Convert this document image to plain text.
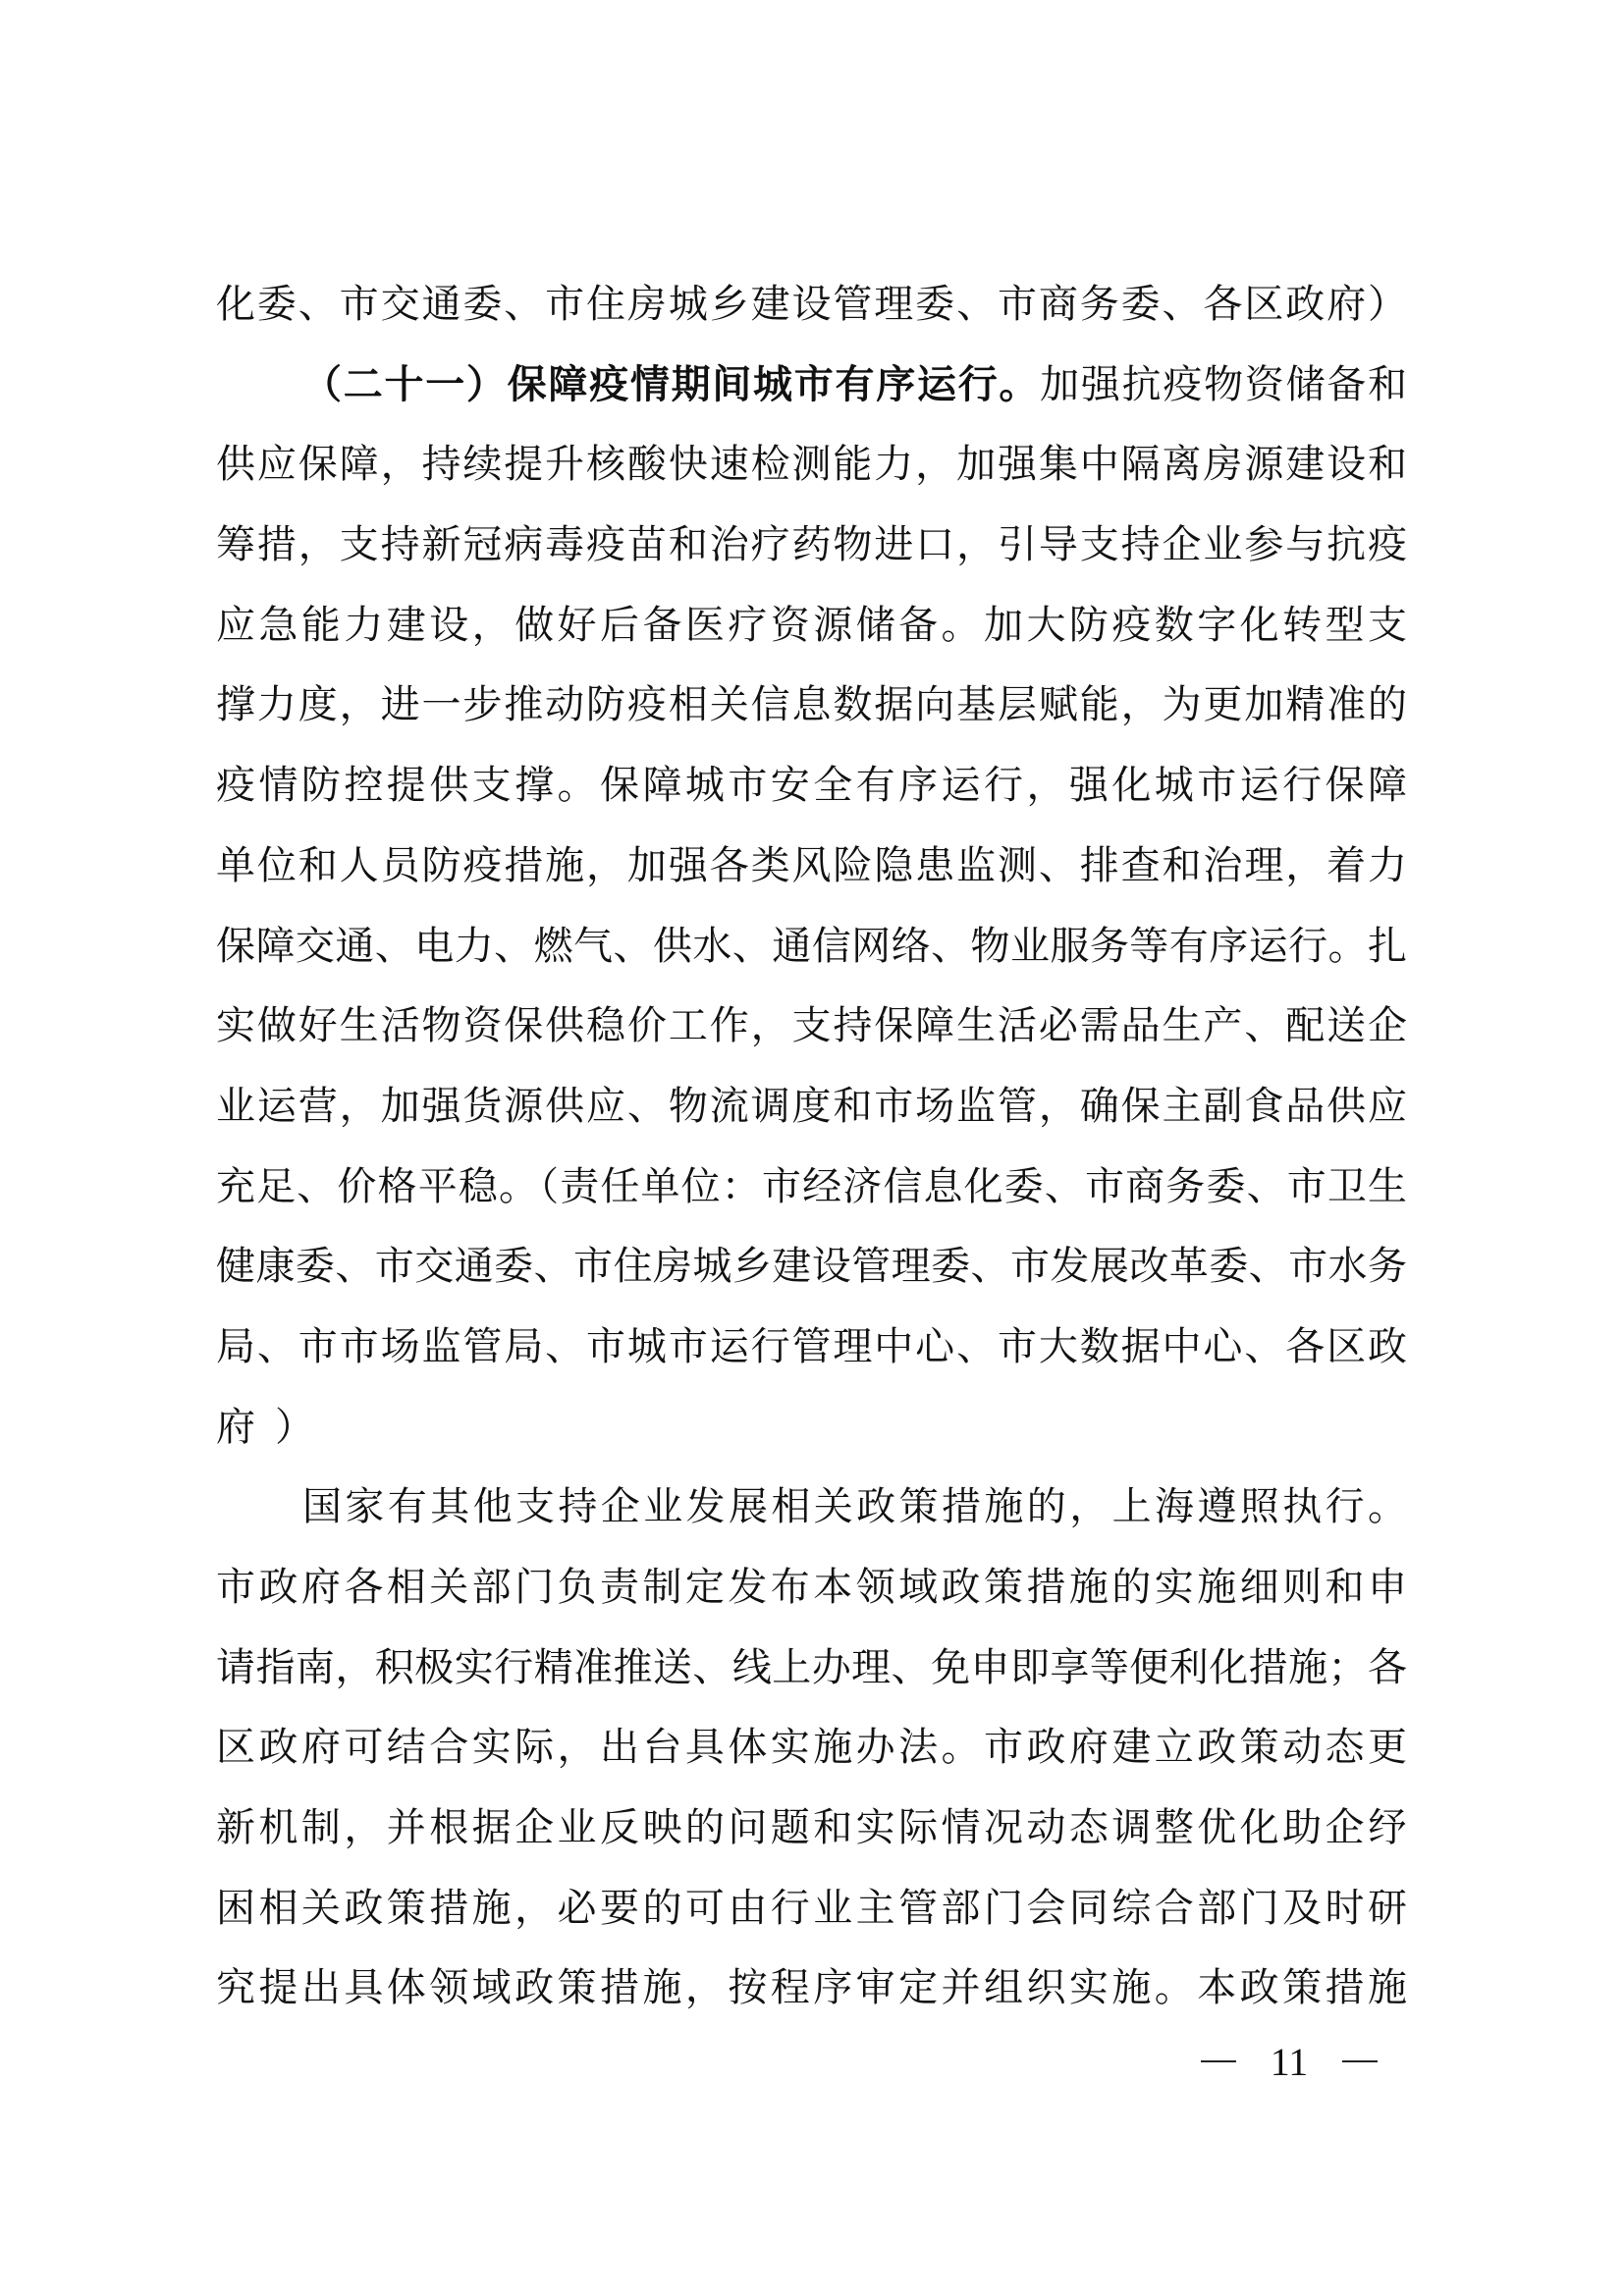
化委、市交通委、市住房城乡建设管理委、市商务委、各区政府）
（二十一）保障疫情期间城市有序运行。加强抗疫物资储备和
供应保障，持续提升核酸快速检测能力，加强集中隔离房源建设和
筹措，支持新冠病毒疫苗和治疗药物进口，引导支持企业参与抗疫
应急能力建设，做好后备医疗资源储备。加大防疫数字化转型支
撑力度，进一步推动防疫相关信息数据向基层赋能，为更加精准的
疫情防控提供支撑。保障城市安全有序运行，强化城市运行保障
单位和人员防疫措施，加强各类风险隐患监测、排查和治理，着力
保障交通、电力、燃气、供水、通信网络、物业服务等有序运行。扎
实做好生活物资保供稳价工作，支持保障生活必需品生产、配送企
业运营，加强货源供应、物流调度和市场监管，确保主副食品供应
充足、价格平稳。（责任单位：市经济信息化委、市商务委、市卫生
健康委、市交通委、市住房城乡建设管理委、市发展改革委、市水务
局、市市场监管局、市城市运行管理中心、市大数据中心、各区政
府）
国家有其他支持企业发展相关政策措施的，上海遵照执行。
市政府各相关部门负责制定发布本领域政策措施的实施细则和申
请指南，积极实行精准推送、线上办理、免申即享等便利化措施；各
区政府可结合实际，出台具体实施办法。市政府建立政策动态更
新机制，并根据企业反映的问题和实际情况动态调整优化助企纾
困相关政策措施，必要的可由行业主管部门会同综合部门及时研
究提出具体领域政策措施，按程序审定并组织实施。本政策措施
11
